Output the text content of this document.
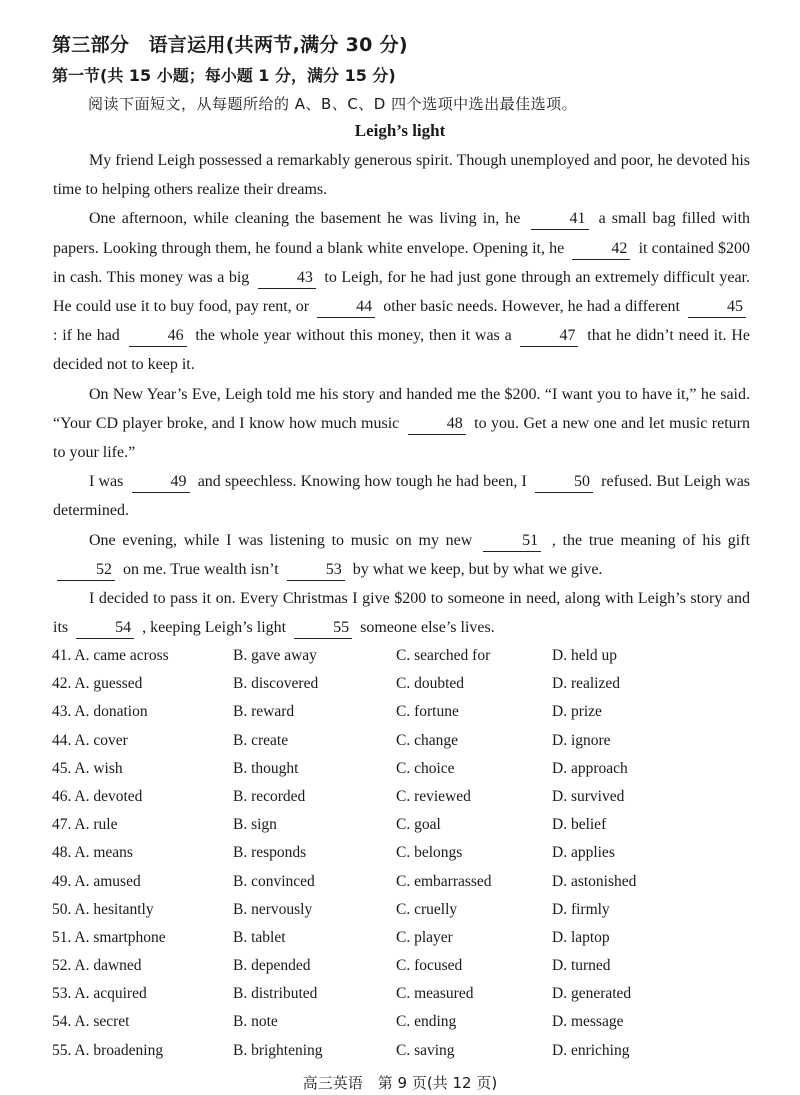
第三部分　语言运用(共两节,满分 30 分)
第一节(共 15 小题；每小题 1 分，满分 15 分)
阅读下面短文，从每题所给的 A、B、C、D 四个选项中选出最佳选项。
Leigh’s light

My friend Leigh possessed a remarkably generous spirit. Though unemployed and poor, he devoted his time to helping others realize their dreams.

One afternoon, while cleaning the basement he was living in, he	41 a small bag filled with papers. Looking through them, he found a blank white envelope. Opening it, he	42 it contained $200 in cash. This money was a big	43 to Leigh, for he had just gone through an extremely difficult year. He could use it to buy food, pay rent, or	44 other basic needs. However, he had a different	45 : if he had	46 the whole year without this money, then it was a	47 that he didn’t need it. He decided not to keep it.

On New Year’s Eve, Leigh told me his story and handed me the $200. “I want you to have it,” he said. “Your CD player broke, and I know how much music	48 to you. Get a new one and let music return to your life.”

I was	49 and speechless. Knowing how tough he had been, I	50 refused. But Leigh was determined.

One evening, while I was listening to music on my new	51 , the true meaning of his gift 52 on me. True wealth isn’t	53 by what we keep, but by what we give.

I decided to pass it on. Every Christmas I give $200 to someone in need, along with Leigh’s story and its	54 , keeping Leigh’s light	55 someone else’s lives.

41. A. came across	B. gave away	C. searched for	D. held up
42. A. guessed	B. discovered	C. doubted	D. realized
43. A. donation	B. reward	C. fortune	D. prize
44. A. cover	B. create	C. change	D. ignore
45. A. wish	B. thought	C. choice	D. approach
46. A. devoted	B. recorded	C. reviewed	D. survived
47. A. rule	B. sign	C. goal	D. belief
48. A. means	B. responds	C. belongs	D. applies
49. A. amused	B. convinced	C. embarrassed	D. astonished
50. A. hesitantly	B. nervously	C. cruelly	D. firmly
51. A. smartphone	B. tablet	C. player	D. laptop
52. A. dawned	B. depended	C. focused	D. turned
53. A. acquired	B. distributed	C. measured	D. generated
54. A. secret	B. note	C. ending	D. message
55. A. broadening	B. brightening	C. saving	D. enriching
高三英语　第 9 页(共 12 页)
